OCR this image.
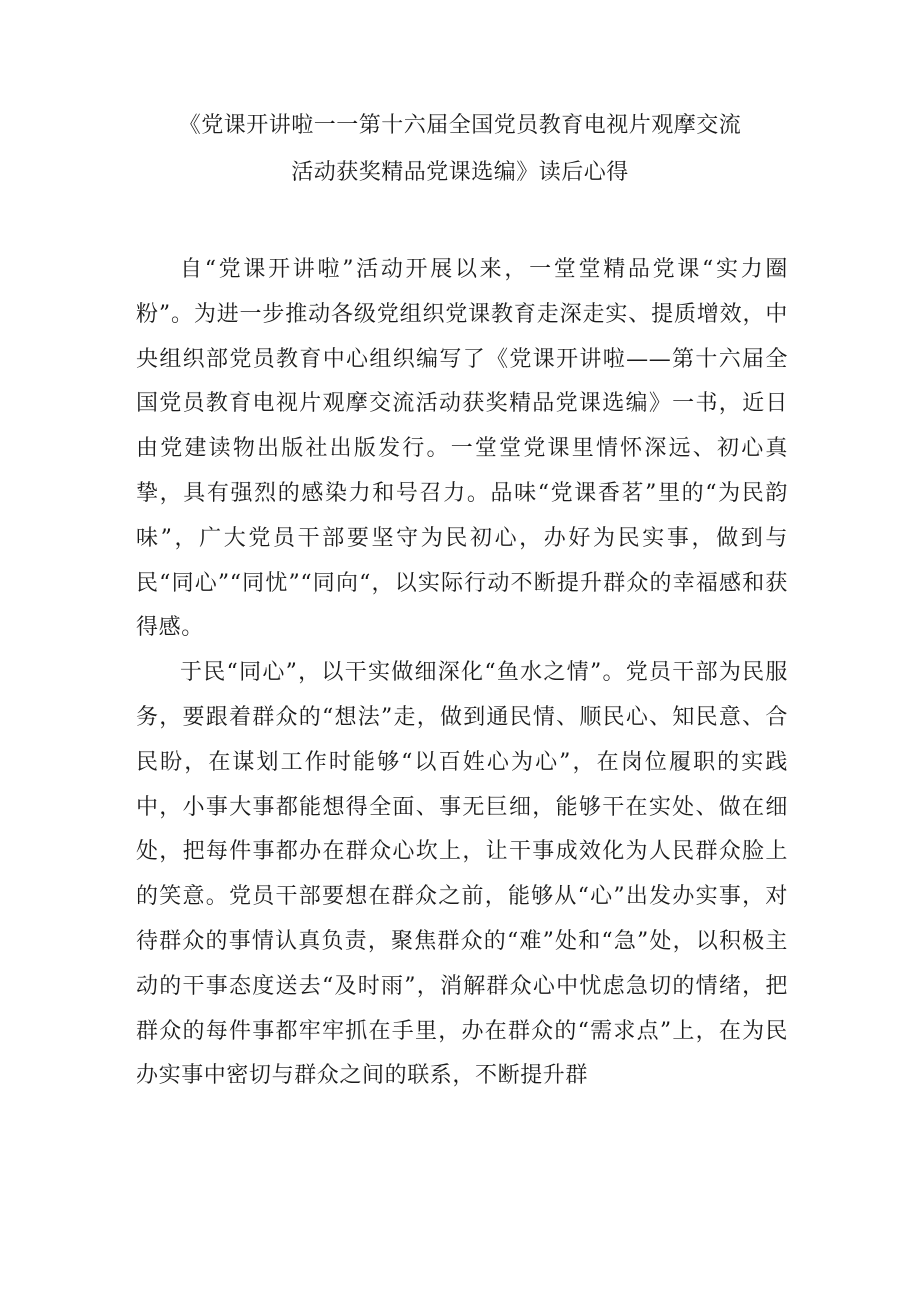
《党课开讲啦一一第十六届全国党员教育电视片观摩交流
活动获奖精品党课选编》读后心得

自“党课开讲啦”活动开展以来，一堂堂精品党课“实力圈粉”。为进一步推动各级党组织党课教育走深走实、提质增效，中央组织部党员教育中心组织编写了《党课开讲啦——第十六届全国党员教育电视片观摩交流活动获奖精品党课选编》一书，近日由党建读物出版社出版发行。一堂堂党课里情怀深远、初心真挚，具有强烈的感染力和号召力。品味“党课香茗”里的“为民韵味”，广大党员干部要坚守为民初心，办好为民实事，做到与民“同心”“同忧”“同向“，以实际行动不断提升群众的幸福感和获得感。

于民“同心”，以干实做细深化“鱼水之情”。党员干部为民服务，要跟着群众的“想法”走，做到通民情、顺民心、知民意、合民盼，在谋划工作时能够“以百姓心为心”，在岗位履职的实践中，小事大事都能想得全面、事无巨细，能够干在实处、做在细处，把每件事都办在群众心坎上，让干事成效化为人民群众脸上的笑意。党员干部要想在群众之前，能够从“心”出发办实事，对待群众的事情认真负责，聚焦群众的“难”处和“急”处，以积极主动的干事态度送去“及时雨”，消解群众心中忧虑急切的情绪，把群众的每件事都牢牢抓在手里，办在群众的“需求点”上，在为民办实事中密切与群众之间的联系，不断提升群
